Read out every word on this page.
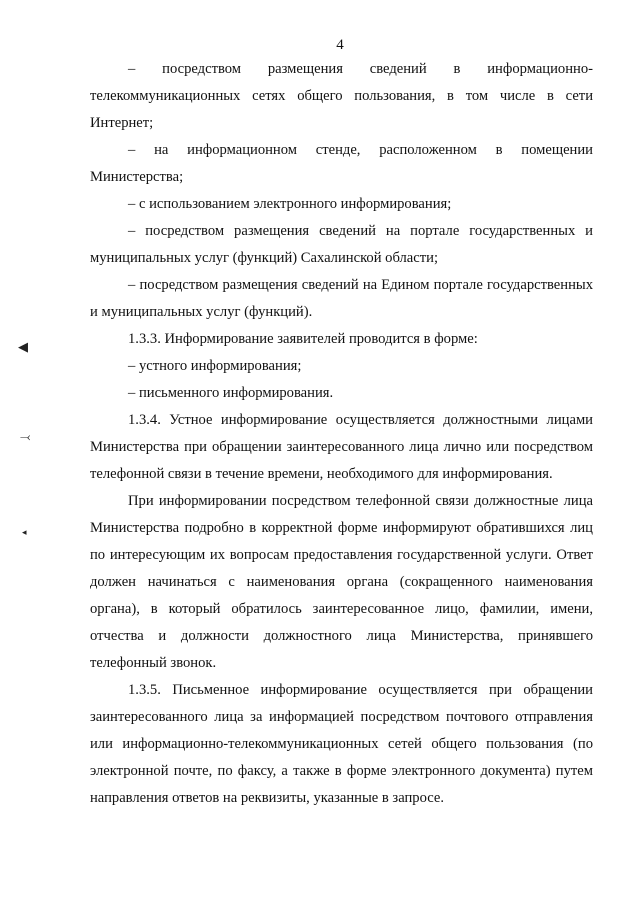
4
◀
⤙
◂

– посредством размещения сведений в информационно-телекоммуникационных сетях общего пользования, в том числе в сети Интернет;

– на информационном стенде, расположенном в помещении Министерства;

– с использованием электронного информирования;

– посредством размещения сведений на портале государственных и муниципальных услуг (функций) Сахалинской области;

– посредством размещения сведений на Едином портале государственных и муниципальных услуг (функций).

1.3.3. Информирование заявителей проводится в форме:

– устного информирования;

– письменного информирования.

1.3.4. Устное информирование осуществляется должностными лицами Министерства при обращении заинтересованного лица лично или посредством телефонной связи в течение времени, необходимого для информирования.

При информировании посредством телефонной связи должностные лица Министерства подробно в корректной форме информируют обратившихся лиц по интересующим их вопросам предоставления государственной услуги. Ответ должен начинаться с наименования органа (сокращенного наименования органа), в который обратилось заинтересованное лицо, фамилии, имени, отчества и должности должностного лица Министерства, принявшего телефонный звонок.

1.3.5. Письменное информирование осуществляется при обращении заинтересованного лица за информацией посредством почтового отправления или информационно-телекоммуникационных сетей общего пользования (по электронной почте, по факсу, а также в форме электронного документа) путем направления ответов на реквизиты, указанные в запросе.
